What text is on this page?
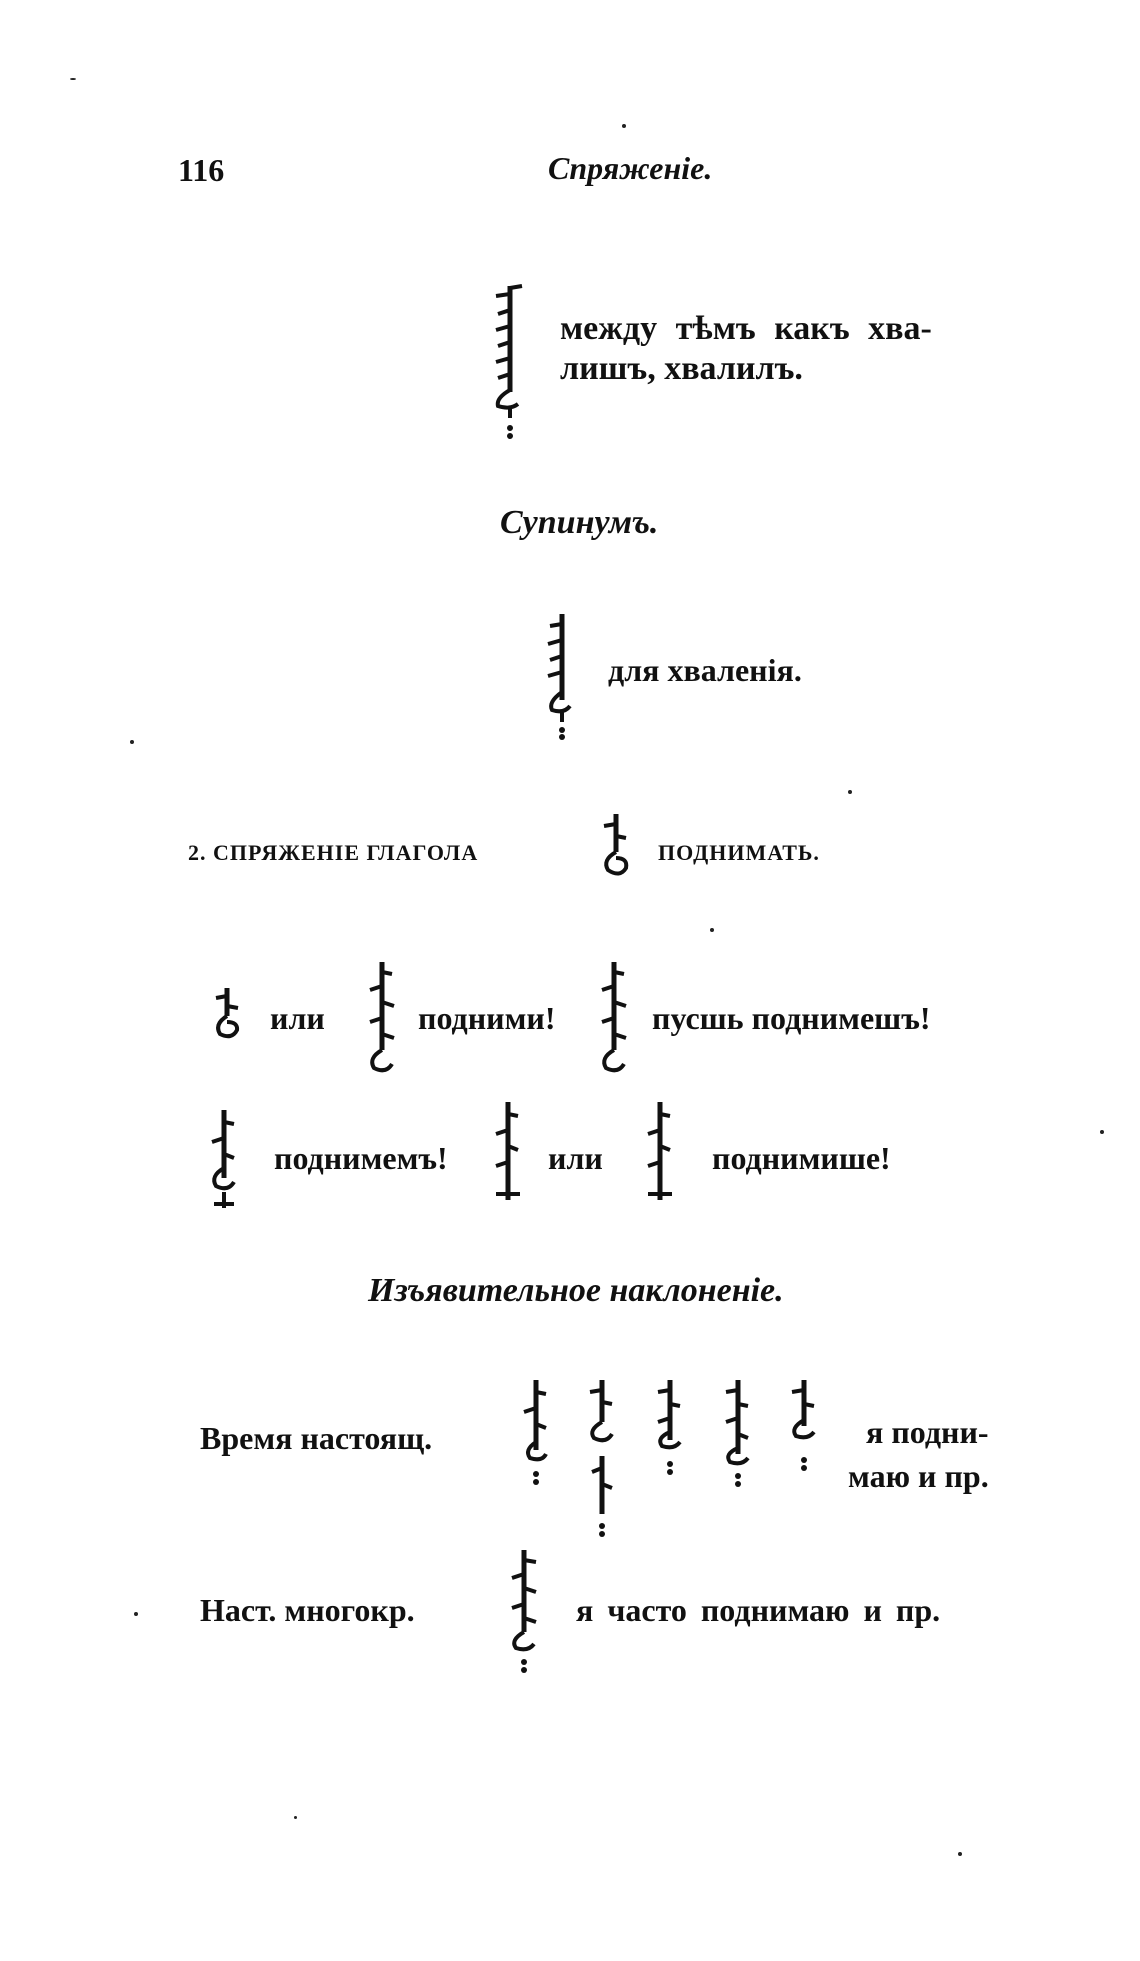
116	Спряженіе.
между тѣмъ какъ хва-
лишъ, хвалилъ.
Супинумъ.
для хваленія.
2. СПРЯЖЕНІЕ ГЛАГОЛА	ПОДНИМАТЬ.
или	подними!	пусшь поднимешъ!
поднимемъ!	или	поднимише!
Изъявительное наклоненіе.
Время настоящ.	я подни-
маю и пр.
Наст. многокр.	я часто поднимаю и пр.
